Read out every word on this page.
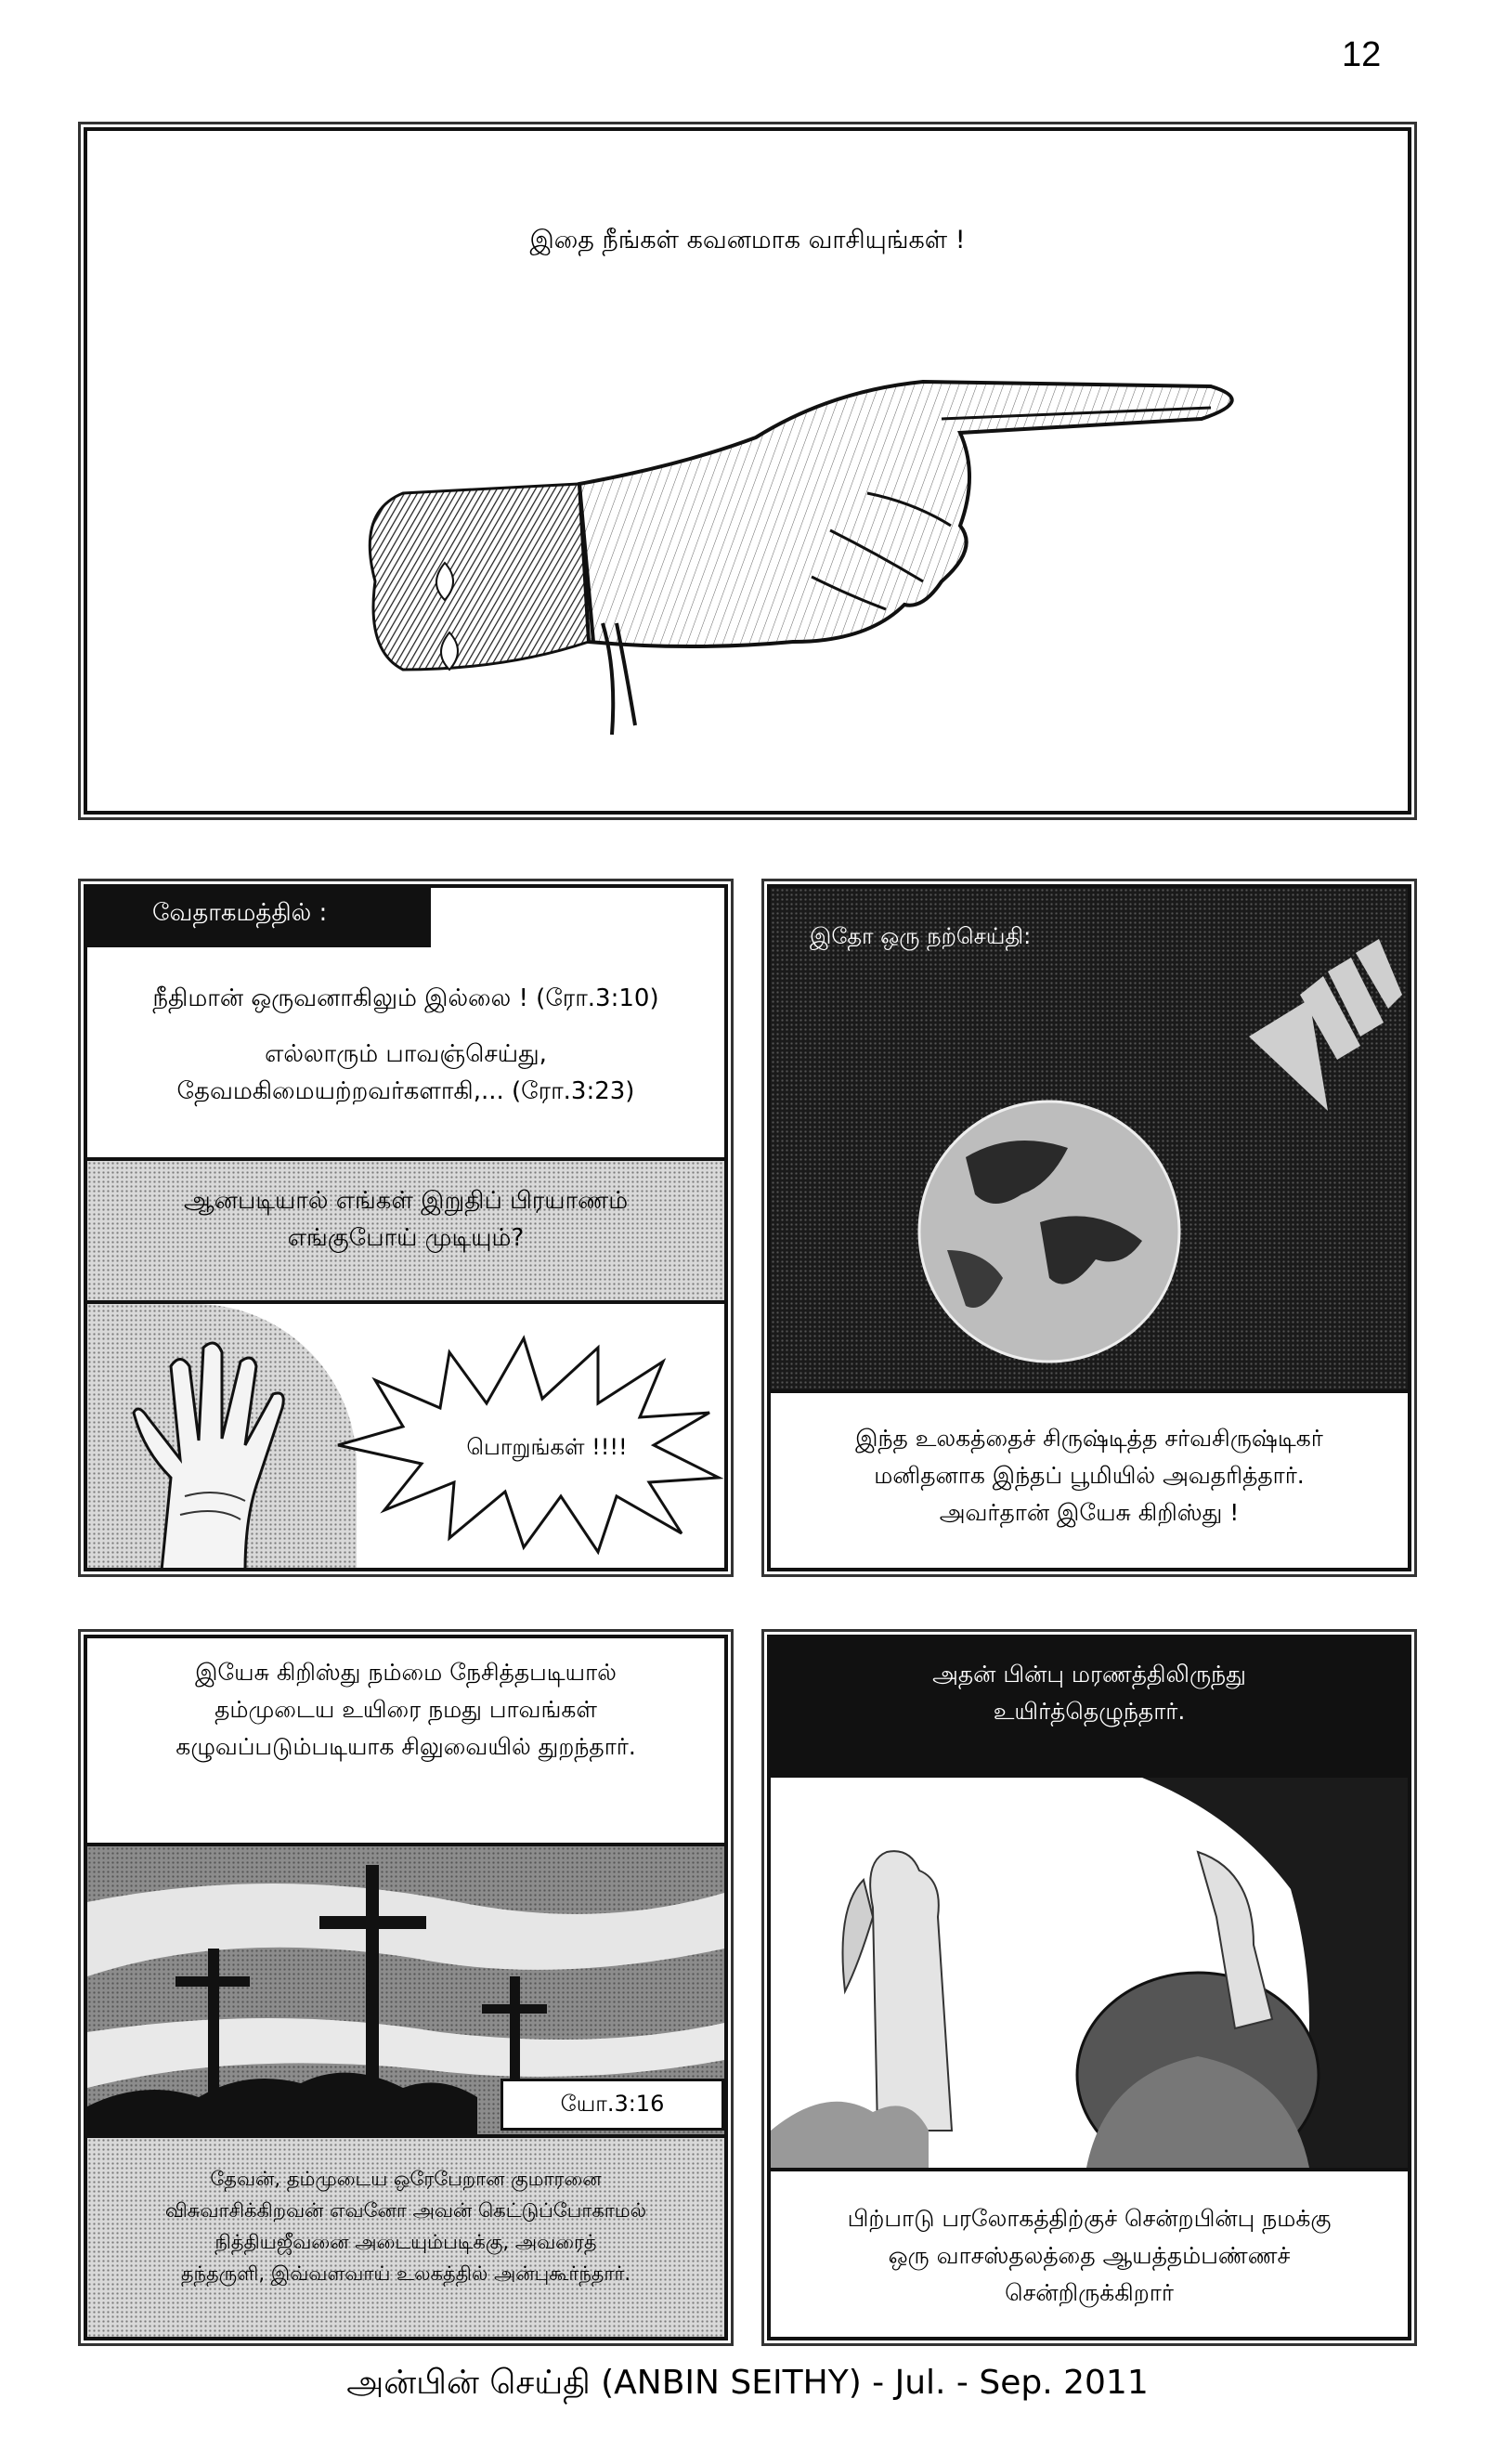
12
இதை நீங்கள் கவனமாக வாசியுங்கள் !
வேதாகமத்தில் :
நீதிமான் ஒருவனாகிலும் இல்லை ! (ரோ.3:10)
எல்லாரும் பாவஞ்செய்து,
தேவமகிமையற்றவர்களாகி,... (ரோ.3:23)
ஆனபடியால் எங்கள் இறுதிப் பிரயாணம்
எங்குபோய் முடியும்?
பொறுங்கள் !!!!
இதோ ஒரு நற்செய்தி:
இந்த உலகத்தைச் சிருஷ்டித்த சர்வசிருஷ்டிகர்
மனிதனாக இந்தப் பூமியில் அவதரித்தார்.
அவர்தான் இயேசு கிறிஸ்து !
இயேசு கிறிஸ்து நம்மை நேசித்தபடியால்
தம்முடைய உயிரை நமது பாவங்கள்
கழுவப்படும்படியாக சிலுவையில் துறந்தார்.
யோ.3:16
தேவன், தம்முடைய ஒரேபேறான குமாரனை
விசுவாசிக்கிறவன் எவனோ அவன் கெட்டுப்போகாமல்
நித்தியஜீவனை அடையும்படிக்கு, அவரைத்
தந்தருளி, இவ்வளவாய் உலகத்தில் அன்புகூர்ந்தார்.
அதன் பின்பு மரணத்திலிருந்து
உயிர்த்தெழுந்தார்.
பிற்பாடு பரலோகத்திற்குச் சென்றபின்பு நமக்கு
ஒரு வாசஸ்தலத்தை ஆயத்தம்பண்ணச்
சென்றிருக்கிறார்
அன்பின் செய்தி (ANBIN SEITHY) - Jul. - Sep. 2011
